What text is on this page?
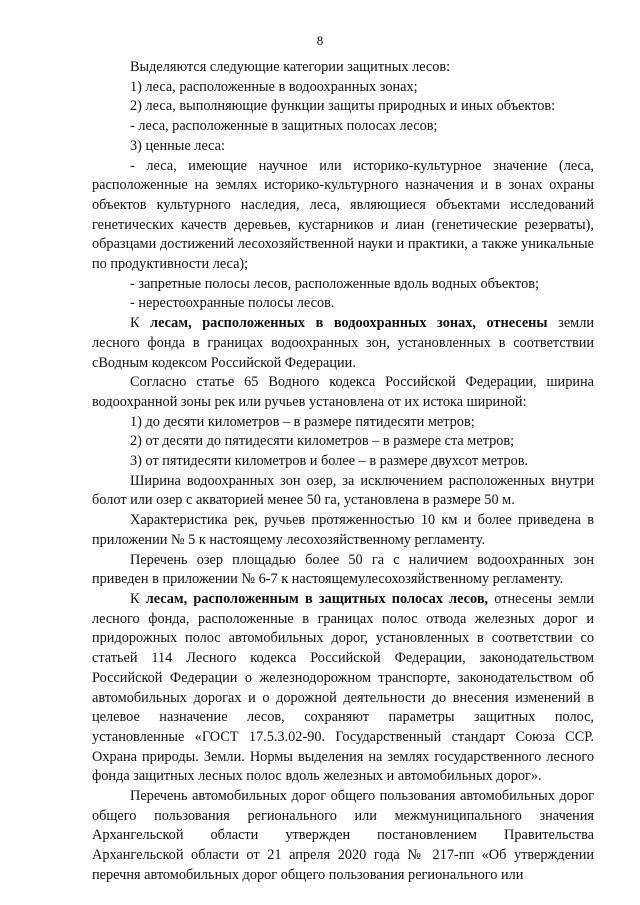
8

Выделяются следующие категории защитных лесов:

1) леса, расположенные в водоохранных зонах;

2) леса, выполняющие функции защиты природных и иных объектов:

- леса, расположенные в защитных полосах лесов;

3) ценные леса:

- леса, имеющие научное или историко-культурное значение (леса, расположенные на землях историко-культурного назначения и в зонах охраны объектов культурного наследия, леса, являющиеся объектами исследований генетических качеств деревьев, кустарников и лиан (генетические резерваты), образцами достижений лесохозяйственной науки и практики, а также уникальные по продуктивности леса);

- запретные полосы лесов, расположенные вдоль водных объектов;

- нерестоохранные полосы лесов.

К лесам, расположенных в водоохранных зонах, отнесены земли лесного фонда в границах водоохранных зон, установленных в соответствии сВодным кодексом Российской Федерации.

Согласно статье 65 Водного кодекса Российской Федерации, ширина водоохранной зоны рек или ручьев установлена от их истока шириной:

1) до десяти километров – в размере пятидесяти метров;

2) от десяти до пятидесяти километров – в размере ста метров;

3) от пятидесяти километров и более – в размере двухсот метров.

Ширина водоохранных зон озер, за исключением расположенных внутри болот или озер с акваторией менее 50 га, установлена в размере 50 м.

Характеристика рек, ручьев протяженностью 10 км и более приведена в приложении № 5 к настоящему лесохозяйственному регламенту.

Перечень озер площадью более 50 га с наличием водоохранных зон приведен в приложении № 6-7 к настоящемулесохозяйственному регламенту.

К лесам, расположенным в защитных полосах лесов, отнесены земли лесного фонда, расположенные в границах полос отвода железных дорог и придорожных полос автомобильных дорог, установленных в соответствии со статьей 114 Лесного кодекса Российской Федерации, законодательством Российской Федерации о железнодорожном транспорте, законодательством об автомобильных дорогах и о дорожной деятельности до внесения изменений в целевое назначение лесов, сохраняют параметры защитных полос, установленные «ГОСТ 17.5.3.02-90. Государственный стандарт Союза ССР. Охрана природы. Земли. Нормы выделения на землях государственного лесного фонда защитных лесных полос вдоль железных и автомобильных дорог».

Перечень автомобильных дорог общего пользования автомобильных дорог общего пользования регионального или межмуниципального значения Архангельской области утвержден постановлением Правительства Архангельской области от 21 апреля 2020 года № 217-пп «Об утверждении перечня автомобильных дорог общего пользования регионального или
